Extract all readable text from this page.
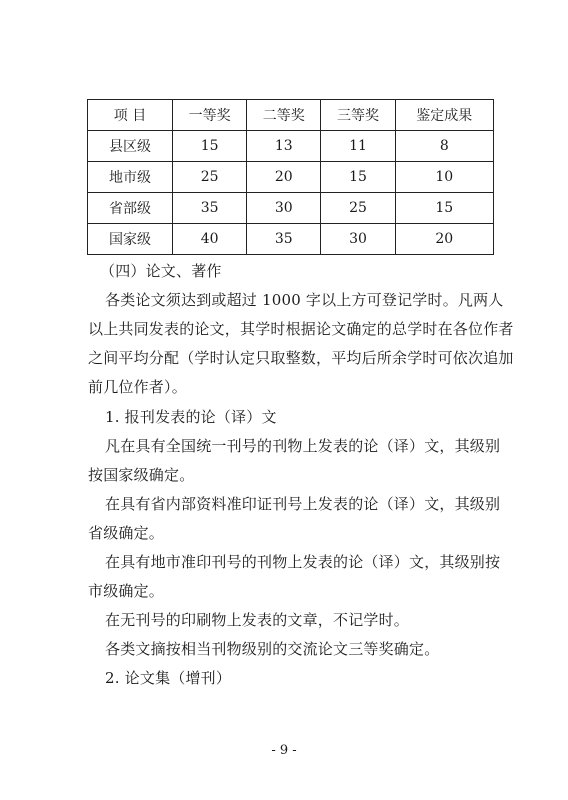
项 目	一等奖	二等奖	三等奖	鉴定成果
县区级	15	13	11	8
地市级	25	20	15	10
省部级	35	30	25	15
国家级	40	35	30	20
（四）论文、著作
各类论文须达到或超过 1000 字以上方可登记学时。凡两人
以上共同发表的论文，其学时根据论文确定的总学时在各位作者
之间平均分配（学时认定只取整数，平均后所余学时可依次追加
前几位作者）。
1. 报刊发表的论（译）文
凡在具有全国统一刊号的刊物上发表的论（译）文，其级别
按国家级确定。
在具有省内部资料准印证刊号上发表的论（译）文，其级别
省级确定。
在具有地市准印刊号的刊物上发表的论（译）文，其级别按
市级确定。
在无刊号的印刷物上发表的文章，不记学时。
各类文摘按相当刊物级别的交流论文三等奖确定。
2. 论文集（增刊）
- 9 -
